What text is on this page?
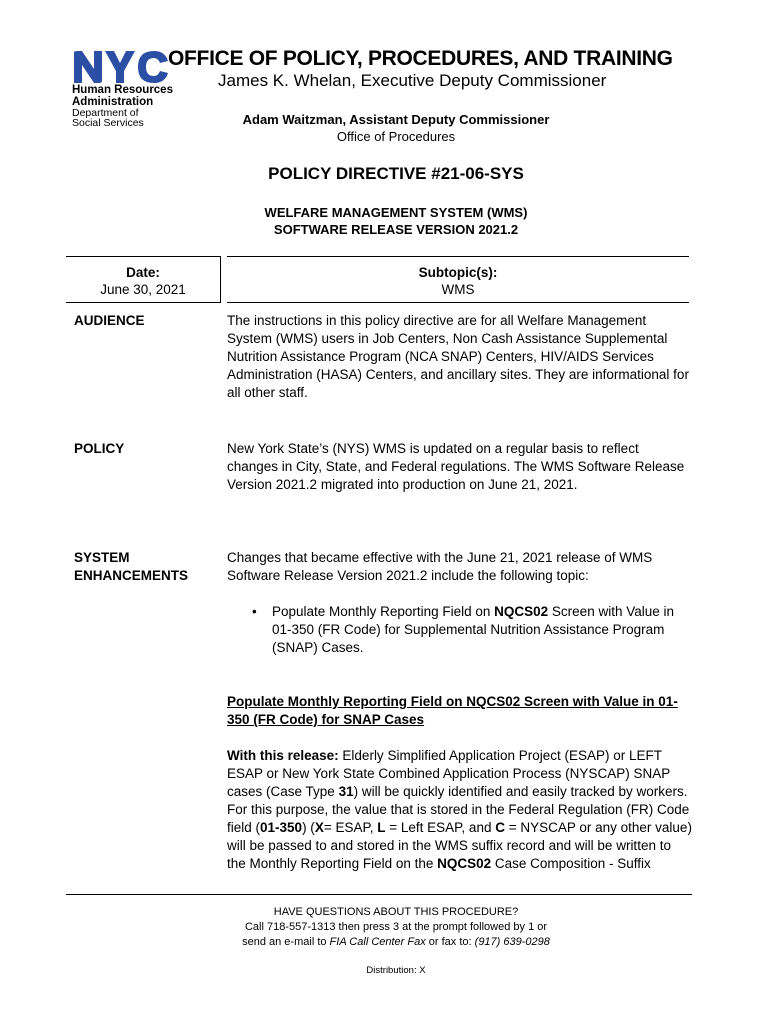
Human Resources
Administration
Department of
Social Services
OFFICE OF POLICY, PROCEDURES, AND TRAINING
James K. Whelan, Executive Deputy Commissioner
Adam Waitzman, Assistant Deputy Commissioner
Office of Procedures
POLICY DIRECTIVE #21-06-SYS
WELFARE MANAGEMENT SYSTEM (WMS)
SOFTWARE RELEASE VERSION 2021.2
Date:
June 30, 2021
Subtopic(s):
WMS
AUDIENCE	The instructions in this policy directive are for all Welfare Management System (WMS) users in Job Centers, Non Cash Assistance Supplemental Nutrition Assistance Program (NCA SNAP) Centers, HIV/AIDS Services Administration (HASA) Centers, and ancillary sites. They are informational for all other staff.
POLICY	New York State’s (NYS) WMS is updated on a regular basis to reflect changes in City, State, and Federal regulations. The WMS Software Release Version 2021.2 migrated into production on June 21, 2021.
SYSTEM
ENHANCEMENTS
Changes that became effective with the June 21, 2021 release of WMS Software Release Version 2021.2 include the following topic:
• Populate Monthly Reporting Field on NQCS02 Screen with Value in 01-350 (FR Code) for Supplemental Nutrition Assistance Program (SNAP) Cases.
Populate Monthly Reporting Field on NQCS02 Screen with Value in 01-350 (FR Code) for SNAP Cases
With this release: Elderly Simplified Application Project (ESAP) or LEFT ESAP or New York State Combined Application Process (NYSCAP) SNAP cases (Case Type 31) will be quickly identified and easily tracked by workers. For this purpose, the value that is stored in the Federal Regulation (FR) Code field (01-350) (X= ESAP, L = Left ESAP, and C = NYSCAP or any other value) will be passed to and stored in the WMS suffix record and will be written to the Monthly Reporting Field on the NQCS02 Case Composition - Suffix
HAVE QUESTIONS ABOUT THIS PROCEDURE?
Call 718-557-1313 then press 3 at the prompt followed by 1 or
send an e-mail to FIA Call Center Fax or fax to: (917) 639-0298
Distribution: X
